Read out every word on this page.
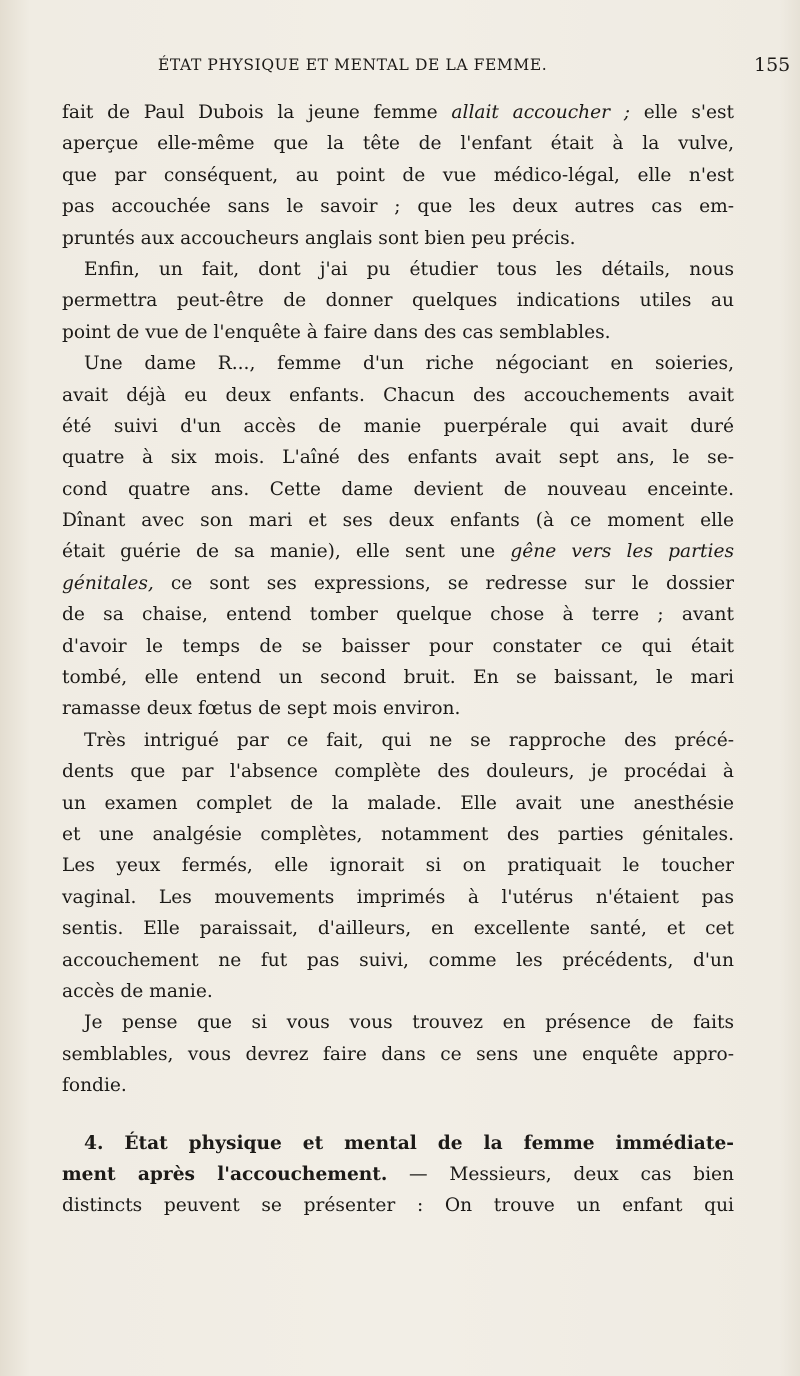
ÉTAT PHYSIQUE ET MENTAL DE LA FEMME.	155
fait de Paul Dubois la jeune femme allait accoucher ; elle s'est
aperçue elle-même que la tête de l'enfant était à la vulve,
que par conséquent, au point de vue médico-légal, elle n'est
pas accouchée sans le savoir ; que les deux autres cas em-
pruntés aux accoucheurs anglais sont bien peu précis.
Enfin, un fait, dont j'ai pu étudier tous les détails, nous
permettra peut-être de donner quelques indications utiles au
point de vue de l'enquête à faire dans des cas semblables.
Une dame R..., femme d'un riche négociant en soieries,
avait déjà eu deux enfants. Chacun des accouchements avait
été suivi d'un accès de manie puerpérale qui avait duré
quatre à six mois. L'aîné des enfants avait sept ans, le se-
cond quatre ans. Cette dame devient de nouveau enceinte.
Dînant avec son mari et ses deux enfants (à ce moment elle
était guérie de sa manie), elle sent une gêne vers les parties
génitales, ce sont ses expressions, se redresse sur le dossier
de sa chaise, entend tomber quelque chose à terre ; avant
d'avoir le temps de se baisser pour constater ce qui était
tombé, elle entend un second bruit. En se baissant, le mari
ramasse deux fœtus de sept mois environ.
Très intrigué par ce fait, qui ne se rapproche des précé-
dents que par l'absence complète des douleurs, je procédai à
un examen complet de la malade. Elle avait une anesthésie
et une analgésie complètes, notamment des parties génitales.
Les yeux fermés, elle ignorait si on pratiquait le toucher
vaginal. Les mouvements imprimés à l'utérus n'étaient pas
sentis. Elle paraissait, d'ailleurs, en excellente santé, et cet
accouchement ne fut pas suivi, comme les précédents, d'un
accès de manie.
Je pense que si vous vous trouvez en présence de faits
semblables, vous devrez faire dans ce sens une enquête appro-
fondie.
4. État physique et mental de la femme immédiate-
ment après l'accouchement. — Messieurs, deux cas bien
distincts peuvent se présenter : On trouve un enfant qui
